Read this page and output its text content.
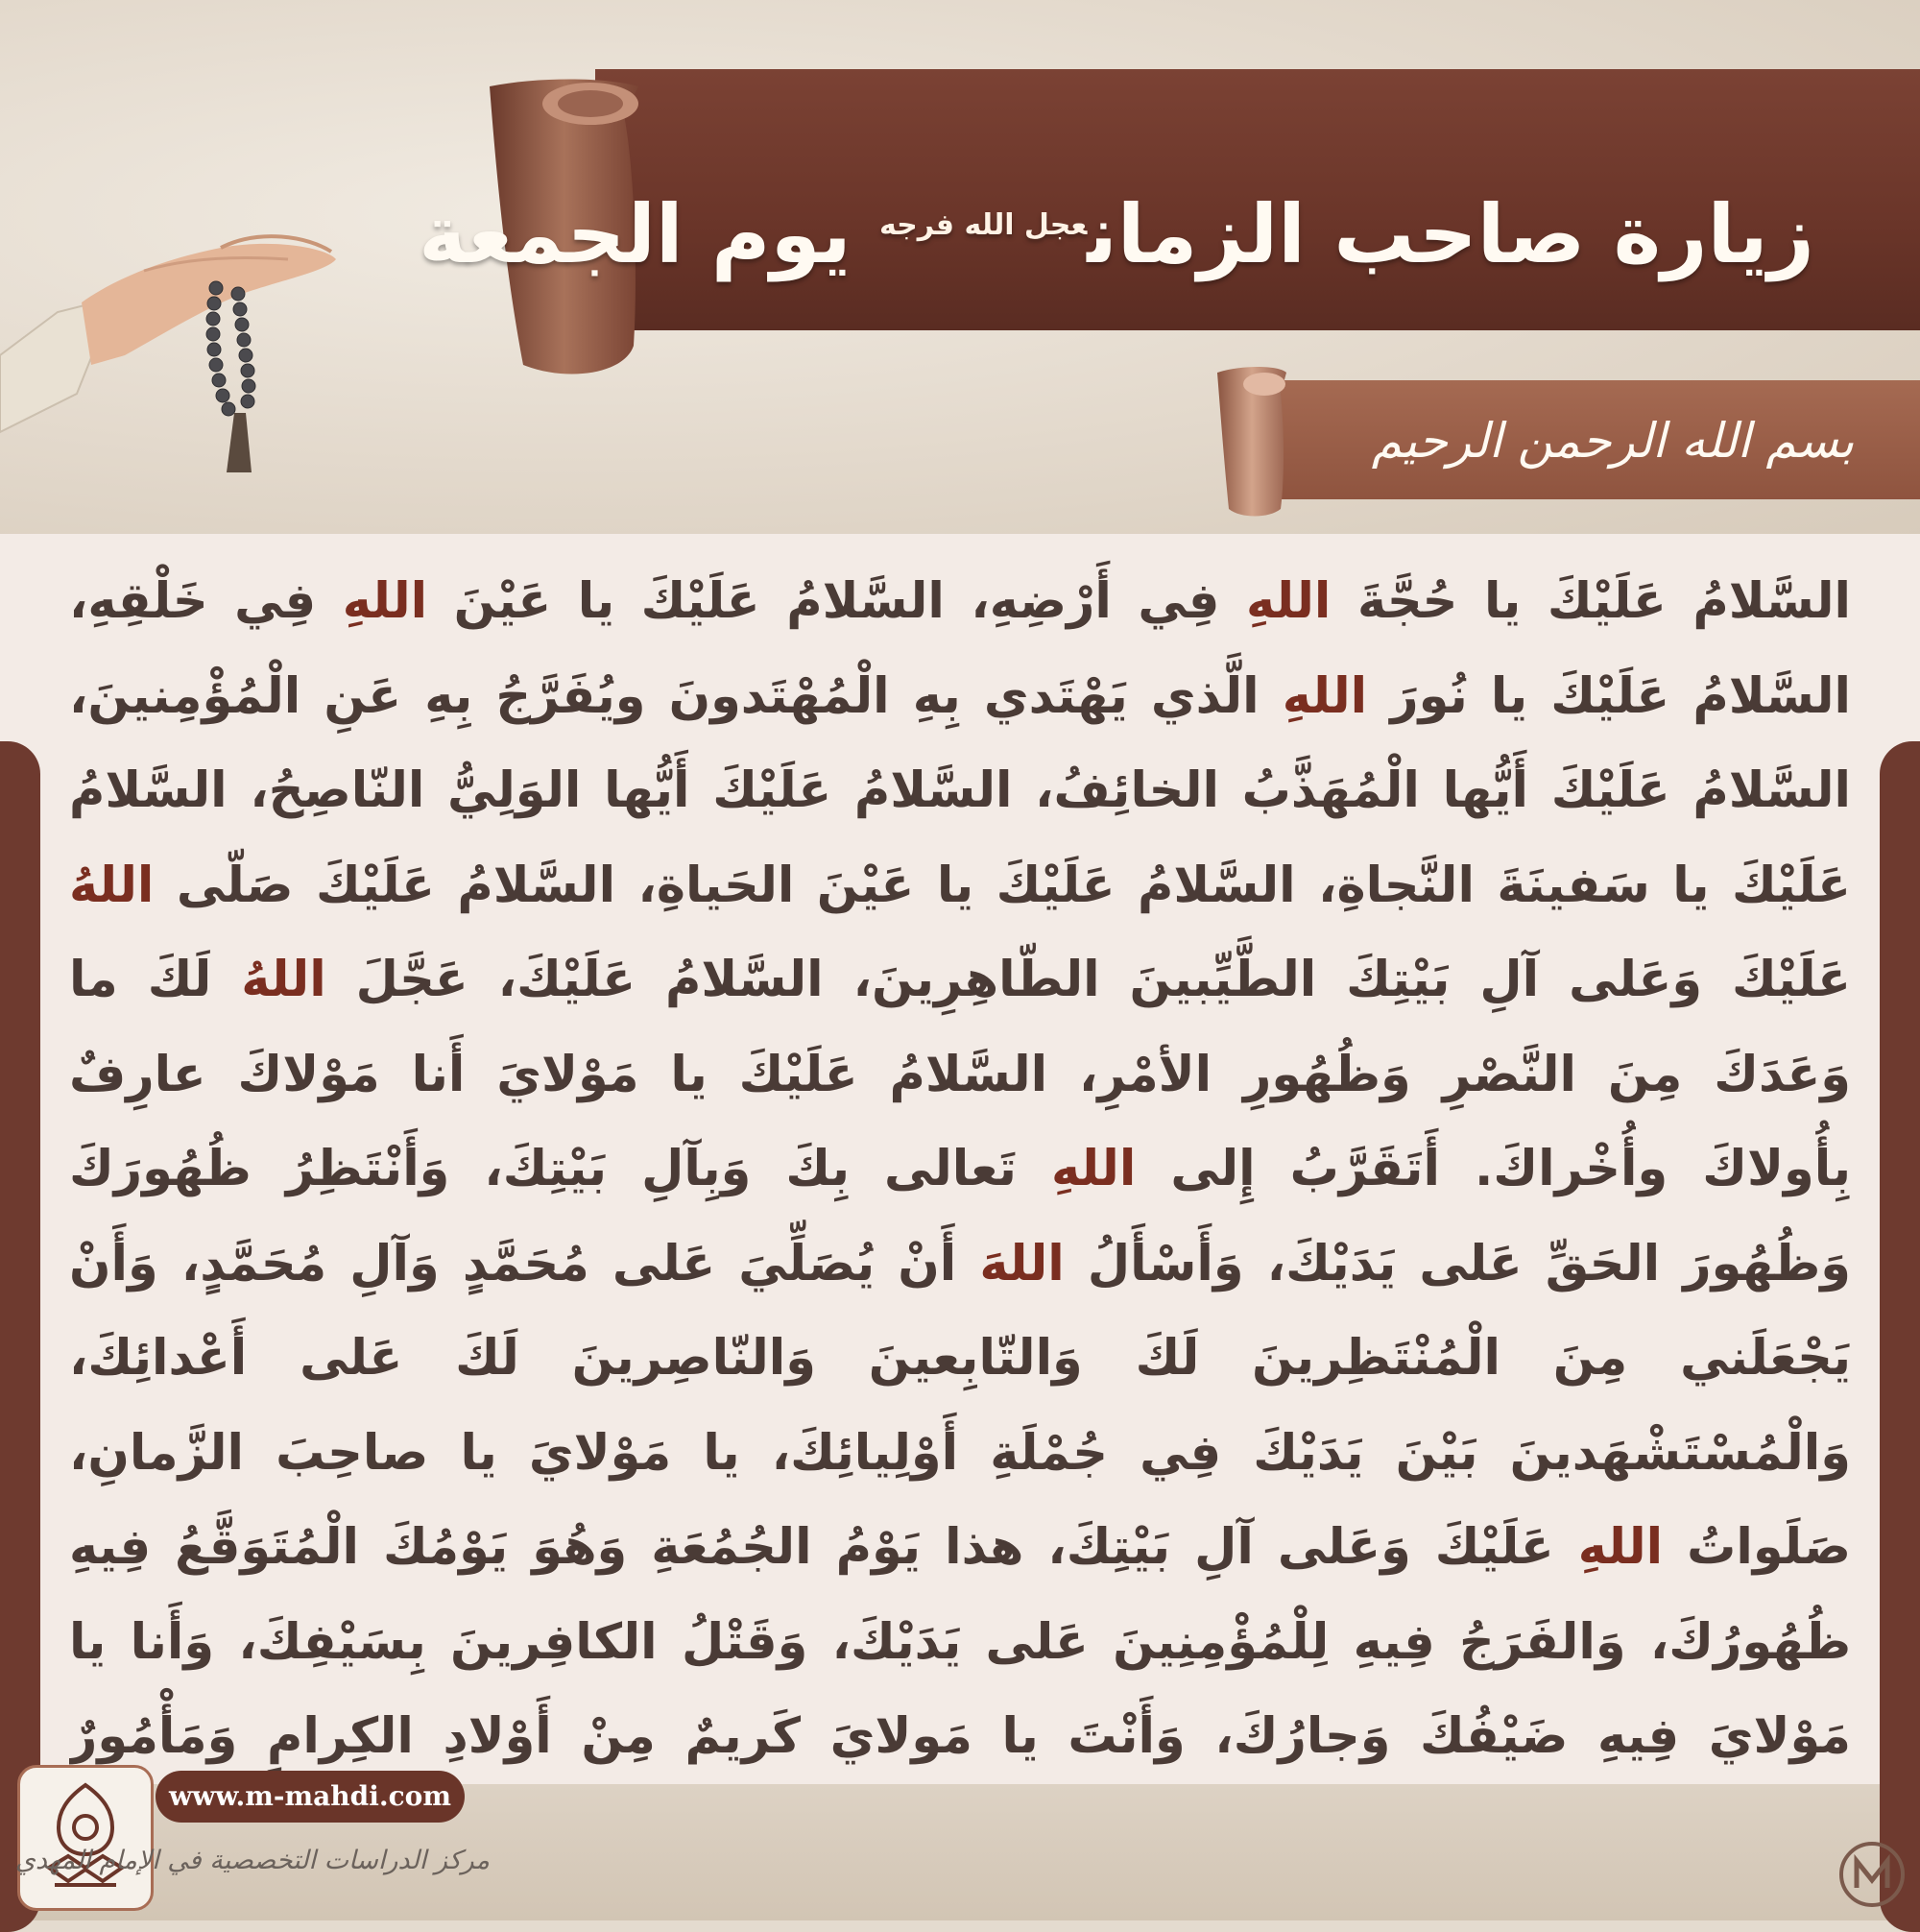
زيارة صاحب الزمان$^{عجل الله فرجه}$ يوم الجمعة
بسم الله الرحمن الرحيم
السَّلامُ عَلَيْكَ يا حُجَّةَ اللهِ فِي أَرْضِهِ، السَّلامُ عَلَيْكَ يا عَيْنَ اللهِ فِي خَلْقِهِ، السَّلامُ عَلَيْكَ يا نُورَ اللهِ الَّذي يَهْتَدي بِهِ الْمُهْتَدونَ ويُفَرَّجُ بِهِ عَنِ الْمُؤْمِنينَ، السَّلامُ عَلَيْكَ أَيُّها الْمُهَذَّبُ الخائِفُ، السَّلامُ عَلَيْكَ أَيُّها الوَلِيُّ النّاصِحُ، السَّلامُ عَلَيْكَ يا سَفينَةَ النَّجاةِ، السَّلامُ عَلَيْكَ يا عَيْنَ الحَياةِ، السَّلامُ عَلَيْكَ صَلّى اللهُ عَلَيْكَ وَعَلى آلِ بَيْتِكَ الطَّيِّبينَ الطّاهِرِينَ، السَّلامُ عَلَيْكَ، عَجَّلَ اللهُ لَكَ ما وَعَدَكَ مِنَ النَّصْرِ وَظُهُورِ الأمْرِ، السَّلامُ عَلَيْكَ يا مَوْلايَ أَنا مَوْلاكَ عارِفٌ بِأُولاكَ وأُخْراكَ. أَتَقَرَّبُ إِلى اللهِ تَعالى بِكَ وَبِآلِ بَيْتِكَ، وَأَنْتَظِرُ ظُهُورَكَ وَظُهُورَ الحَقِّ عَلى يَدَيْكَ، وَأَسْأَلُ اللهَ أَنْ يُصَلِّيَ عَلى مُحَمَّدٍ وَآلِ مُحَمَّدٍ، وَأَنْ يَجْعَلَني مِنَ الْمُنْتَظِرينَ لَكَ وَالتّابِعينَ وَالنّاصِرينَ لَكَ عَلى أَعْدائِكَ، وَالْمُسْتَشْهَدينَ بَيْنَ يَدَيْكَ فِي جُمْلَةِ أَوْلِيائِكَ، يا مَوْلايَ يا صاحِبَ الزَّمانِ، صَلَواتُ اللهِ عَلَيْكَ وَعَلى آلِ بَيْتِكَ، هذا يَوْمُ الجُمُعَةِ وَهُوَ يَوْمُكَ الْمُتَوَقَّعُ فِيهِ ظُهُورُكَ، وَالفَرَجُ فِيهِ لِلْمُؤْمِنِينَ عَلى يَدَيْكَ، وَقَتْلُ الكافِرينَ بِسَيْفِكَ، وَأَنا يا مَوْلايَ فِيهِ ضَيْفُكَ وَجارُكَ، وَأَنْتَ يا مَولايَ كَريمٌ مِنْ أَوْلادِ الكِرامِ وَمَأْمُورٌ
www.m-mahdi.com
مركز الدراسات التخصصية في الإمام المهدي
